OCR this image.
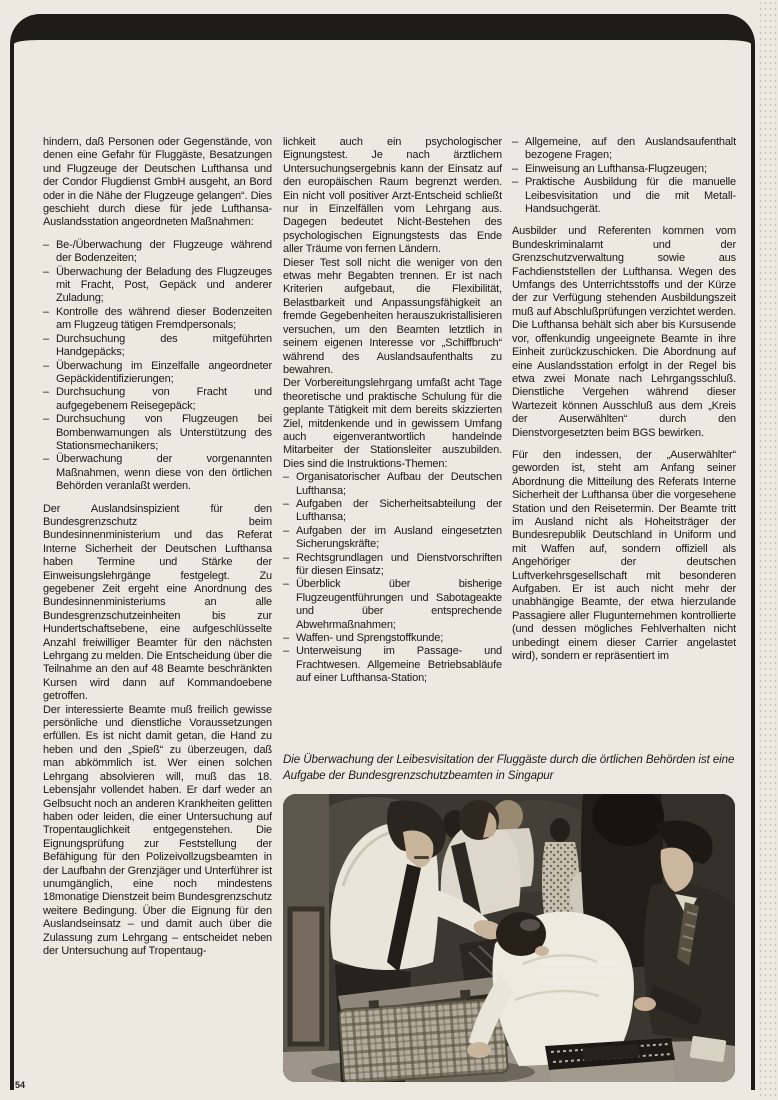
hindern, daß Personen oder Gegenstände, von denen eine Gefahr für Fluggäste, Besatzungen und Flugzeuge der Deutschen Lufthansa und der Condor Flugdienst GmbH ausgeht, an Bord oder in die Nähe der Flugzeuge gelangen“. Dies geschieht durch diese für jede Lufthansa-Auslandsstation angeordneten Maßnahmen:

– Be-/Überwachung der Flugzeuge während der Bodenzeiten;
– Überwachung der Beladung des Flugzeuges mit Fracht, Post, Gepäck und anderer Zuladung;
– Kontrolle des während dieser Bodenzeiten am Flugzeug tätigen Fremdpersonals;
– Durchsuchung des mitgeführten Handgepäcks;
– Überwachung im Einzelfalle angeordneter Gepäckidentifizierungen;
– Durchsuchung von Fracht und aufgegebenem Reisegepäck;
– Durchsuchung von Flugzeugen bei Bombenwarnungen als Unterstützung des Stationsmechanikers;
– Überwachung der vorgenannten Maßnahmen, wenn diese von den örtlichen Behörden veranlaßt werden.

Der Auslandsinspizient für den Bundesgrenzschutz beim Bundesinnenministerium und das Referat Interne Sicherheit der Deutschen Lufthansa haben Termine und Stärke der Einweisungslehrgänge festgelegt. Zu gegebener Zeit ergeht eine Anordnung des Bundesinnenministeriums an alle Bundesgrenzschutzeinheiten bis zur Hundertschaftsebene, eine aufgeschlüsselte Anzahl freiwilliger Beamter für den nächsten Lehrgang zu melden. Die Entscheidung über die Teilnahme an den auf 48 Beamte beschränkten Kursen wird dann auf Kommandoebene getroffen.

Der interessierte Beamte muß freilich gewisse persönliche und dienstliche Voraussetzungen erfüllen. Es ist nicht damit getan, die Hand zu heben und den „Spieß“ zu überzeugen, daß man abkömmlich ist. Wer einen solchen Lehrgang absolvieren will, muß das 18. Lebensjahr vollendet haben. Er darf weder an Gelbsucht noch an anderen Krankheiten gelitten haben oder leiden, die einer Untersuchung auf Tropentauglichkeit entgegenstehen. Die Eignungsprüfung zur Feststellung der Befähigung für den Polizeivollzugsbeamten in der Laufbahn der Grenzjäger und Unterführer ist unumgänglich, eine noch mindestens 18monatige Dienstzeit beim Bundesgrenzschutz weitere Bedingung. Über die Eignung für den Auslandseinsatz – und damit auch über die Zulassung zum Lehrgang – entscheidet neben der Untersuchung auf Tropentaug-

lichkeit auch ein psychologischer Eignungstest. Je nach ärztlichem Untersuchungsergebnis kann der Einsatz auf den europäischen Raum begrenzt werden. Ein nicht voll positiver Arzt-Entscheid schließt nur in Einzelfällen vom Lehrgang aus. Dagegen bedeutet Nicht-Bestehen des psychologischen Eignungstests das Ende aller Träume von fernen Ländern.

Dieser Test soll nicht die weniger von den etwas mehr Begabten trennen. Er ist nach Kriterien aufgebaut, die Flexibilität, Belastbarkeit und Anpassungsfähigkeit an fremde Gegebenheiten herauszukristallisieren versuchen, um den Beamten letztlich in seinem eigenen Interesse vor „Schiffbruch“ während des Auslandsaufenthalts zu bewahren.

Der Vorbereitungslehrgang umfaßt acht Tage theoretische und praktische Schulung für die geplante Tätigkeit mit dem bereits skizzierten Ziel, mitdenkende und in gewissem Umfang auch eigenverantwortlich handelnde Mitarbeiter der Stationsleiter auszubilden. Dies sind die Instruktions-Themen:

– Organisatorischer Aufbau der Deutschen Lufthansa;
– Aufgaben der Sicherheitsabteilung der Lufthansa;
– Aufgaben der im Ausland eingesetzten Sicherungskräfte;
– Rechtsgrundlagen und Dienstvorschriften für diesen Einsatz;
– Überblick über bisherige Flugzeugentführungen und Sabotageakte und über entsprechende Abwehrmaßnahmen;
– Waffen- und Sprengstoffkunde;
– Unterweisung im Passage- und Frachtwesen. Allgemeine Betriebsabläufe auf einer Lufthansa-Station;
– Allgemeine, auf den Auslandsaufenthalt bezogene Fragen;
– Einweisung an Lufthansa-Flugzeugen;
– Praktische Ausbildung für die manuelle Leibesvisitation und die mit Metall-Handsuchgerät.

Ausbilder und Referenten kommen vom Bundeskriminalamt und der Grenzschutzverwaltung sowie aus Fachdienststellen der Lufthansa. Wegen des Umfangs des Unterrichtsstoffs und der Kürze der zur Verfügung stehenden Ausbildungszeit muß auf Abschlußprüfungen verzichtet werden. Die Lufthansa behält sich aber bis Kursusende vor, offenkundig ungeeignete Beamte in ihre Einheit zurückzuschicken. Die Abordnung auf eine Auslandsstation erfolgt in der Regel bis etwa zwei Monate nach Lehrgangsschluß. Dienstliche Vergehen während dieser Wartezeit können Ausschluß aus dem „Kreis der Auserwählten“ durch den Dienstvorgesetzten beim BGS bewirken.

Für den indessen, der „Auserwählter“ geworden ist, steht am Anfang seiner Abordnung die Mitteilung des Referats Interne Sicherheit der Lufthansa über die vorgesehene Station und den Reisetermin. Der Beamte tritt im Ausland nicht als Hoheitsträger der Bundesrepublik Deutschland in Uniform und mit Waffen auf, sondern offiziell als Angehöriger der deutschen Luftverkehrsgesellschaft mit besonderen Aufgaben. Er ist auch nicht mehr der unabhängige Beamte, der etwa hierzulande Passagiere aller Flugunternehmen kontrollierte (und dessen mögliches Fehlverhalten nicht unbedingt einem dieser Carrier angelastet wird), sondern er repräsentiert im

Die Überwachung der Leibesvisitation der Fluggäste durch die örtlichen Behörden ist eine Aufgabe der Bundesgrenzschutzbeamten in Singapur
54
